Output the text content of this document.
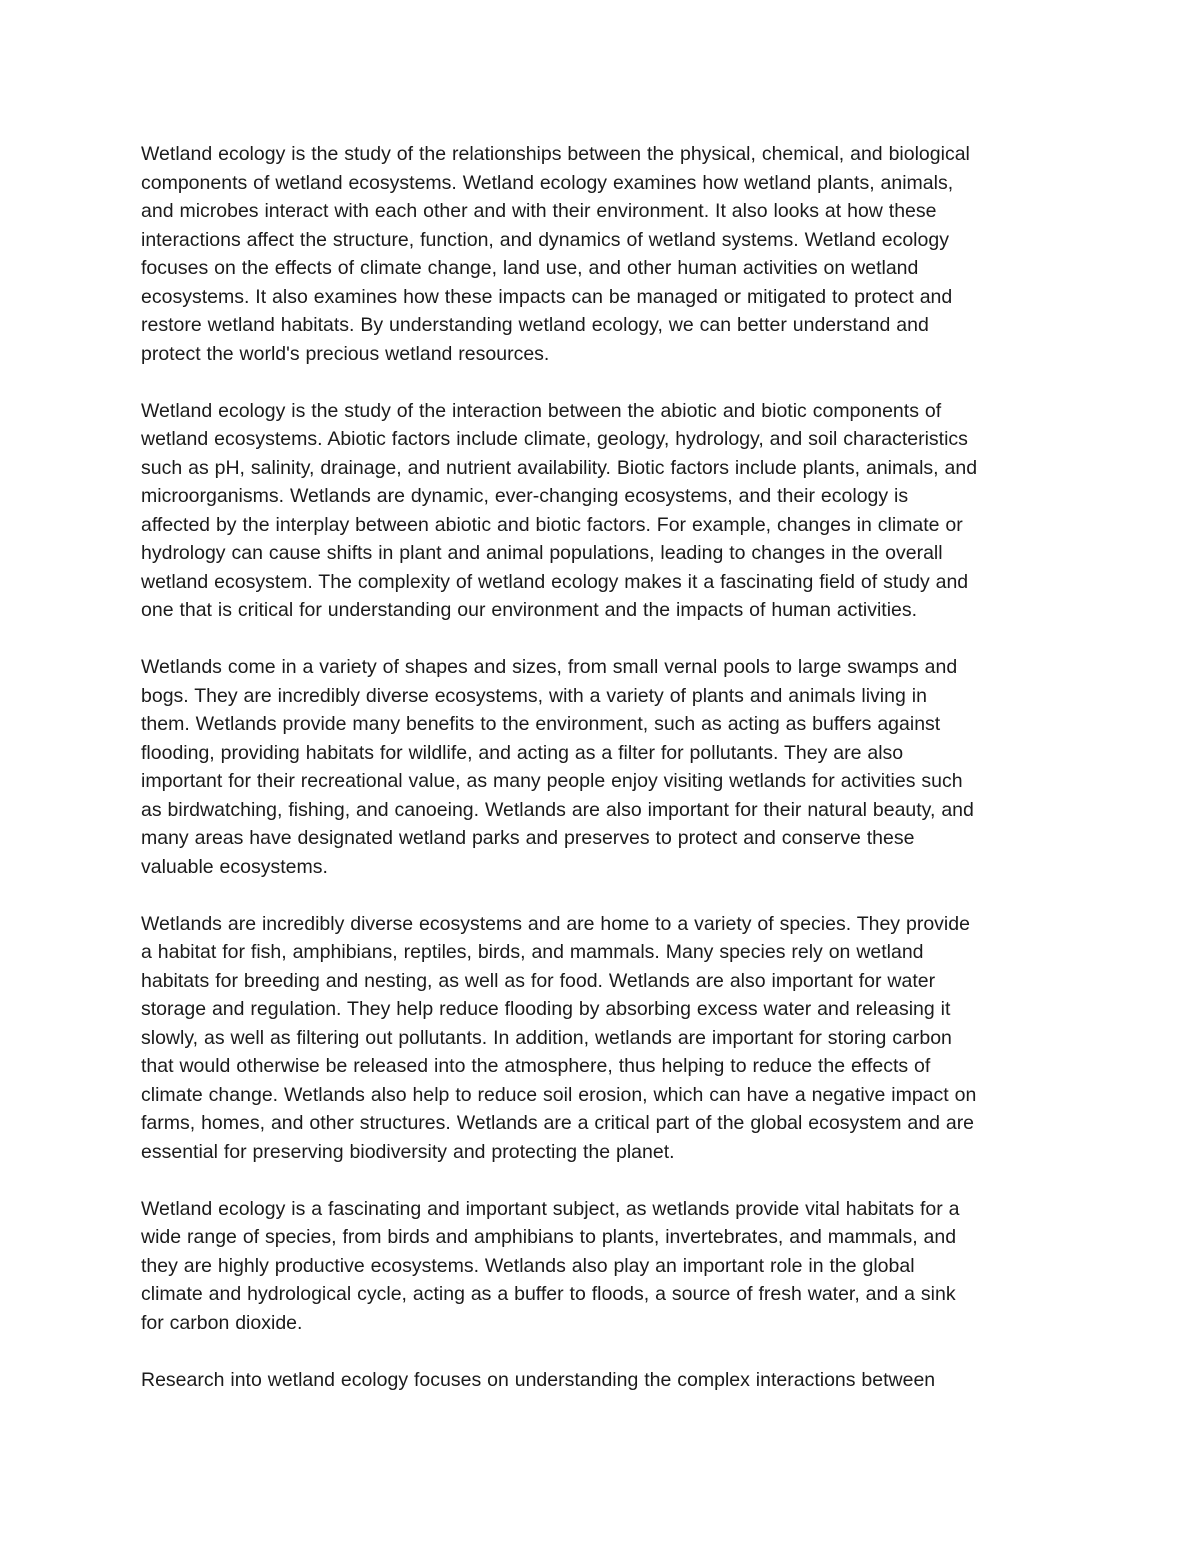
Wetland ecology is the study of the relationships between the physical, chemical, and biological
components of wetland ecosystems. Wetland ecology examines how wetland plants, animals,
and microbes interact with each other and with their environment. It also looks at how these
interactions affect the structure, function, and dynamics of wetland systems. Wetland ecology
focuses on the effects of climate change, land use, and other human activities on wetland
ecosystems. It also examines how these impacts can be managed or mitigated to protect and
restore wetland habitats. By understanding wetland ecology, we can better understand and
protect the world's precious wetland resources.

Wetland ecology is the study of the interaction between the abiotic and biotic components of
wetland ecosystems. Abiotic factors include climate, geology, hydrology, and soil characteristics
such as pH, salinity, drainage, and nutrient availability. Biotic factors include plants, animals, and
microorganisms. Wetlands are dynamic, ever-changing ecosystems, and their ecology is
affected by the interplay between abiotic and biotic factors. For example, changes in climate or
hydrology can cause shifts in plant and animal populations, leading to changes in the overall
wetland ecosystem. The complexity of wetland ecology makes it a fascinating field of study and
one that is critical for understanding our environment and the impacts of human activities.

Wetlands come in a variety of shapes and sizes, from small vernal pools to large swamps and
bogs. They are incredibly diverse ecosystems, with a variety of plants and animals living in
them. Wetlands provide many benefits to the environment, such as acting as buffers against
flooding, providing habitats for wildlife, and acting as a filter for pollutants. They are also
important for their recreational value, as many people enjoy visiting wetlands for activities such
as birdwatching, fishing, and canoeing. Wetlands are also important for their natural beauty, and
many areas have designated wetland parks and preserves to protect and conserve these
valuable ecosystems.

Wetlands are incredibly diverse ecosystems and are home to a variety of species. They provide
a habitat for fish, amphibians, reptiles, birds, and mammals. Many species rely on wetland
habitats for breeding and nesting, as well as for food. Wetlands are also important for water
storage and regulation. They help reduce flooding by absorbing excess water and releasing it
slowly, as well as filtering out pollutants. In addition, wetlands are important for storing carbon
that would otherwise be released into the atmosphere, thus helping to reduce the effects of
climate change. Wetlands also help to reduce soil erosion, which can have a negative impact on
farms, homes, and other structures. Wetlands are a critical part of the global ecosystem and are
essential for preserving biodiversity and protecting the planet.

Wetland ecology is a fascinating and important subject, as wetlands provide vital habitats for a
wide range of species, from birds and amphibians to plants, invertebrates, and mammals, and
they are highly productive ecosystems. Wetlands also play an important role in the global
climate and hydrological cycle, acting as a buffer to floods, a source of fresh water, and a sink
for carbon dioxide.

Research into wetland ecology focuses on understanding the complex interactions between
